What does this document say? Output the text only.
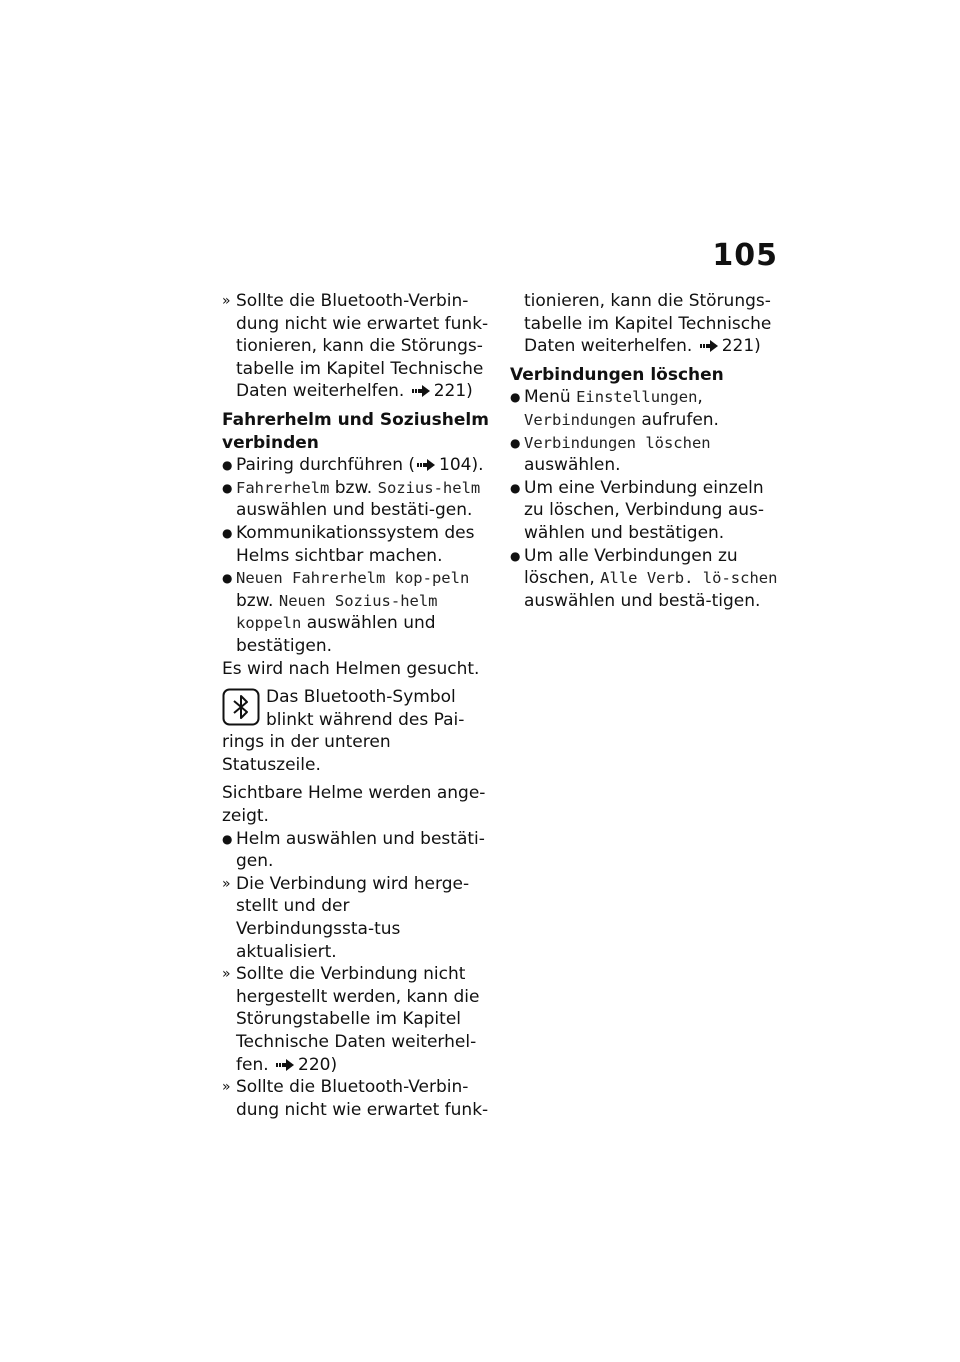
105

» Sollte die Bluetooth-Verbin-dung nicht wie erwartet funk-tionieren, kann die Störungs-tabelle im Kapitel Technische Daten weiterhelfen. 221)

Fahrerhelm und Soziushelm verbinden

● Pairing durchführen ( 104).

● Fahrerhelm bzw. Sozius-helm auswählen und bestäti-gen.

● Kommunikationssystem des Helms sichtbar machen.

● Neuen Fahrerhelm kop-peln bzw. Neuen Sozius-helm koppeln auswählen und bestätigen.

Es wird nach Helmen gesucht.

Das Bluetooth-Symbol blinkt während des Pai-rings in der unteren Statuszeile.

Sichtbare Helme werden ange-zeigt.

● Helm auswählen und bestäti-gen.

» Die Verbindung wird herge-stellt und der Verbindungssta-tus aktualisiert.

» Sollte die Verbindung nicht hergestellt werden, kann die Störungstabelle im Kapitel Technische Daten weiterhel-fen. 220)

» Sollte die Bluetooth-Verbin-dung nicht wie erwartet funk-

tionieren, kann die Störungs-tabelle im Kapitel Technische Daten weiterhelfen. 221)

Verbindungen löschen

● Menü Einstellungen, Verbindungen aufrufen.

● Verbindungen löschen auswählen.

● Um eine Verbindung einzeln zu löschen, Verbindung aus-wählen und bestätigen.

● Um alle Verbindungen zu löschen, Alle Verb. lö-schen auswählen und bestä-tigen.
